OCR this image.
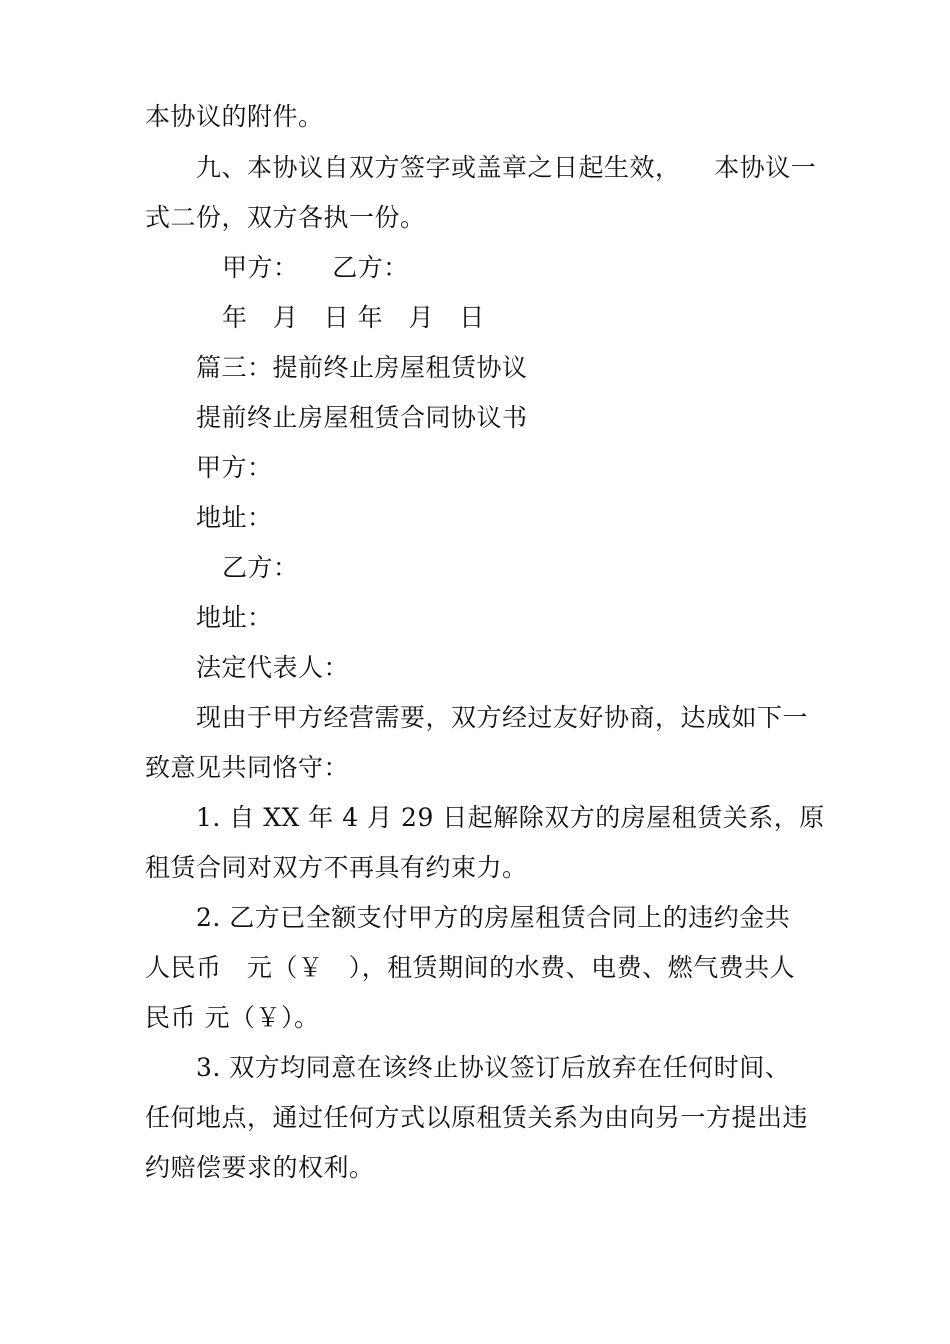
本协议的附件。
九、本协议自双方签字或盖章之日起生效，    本协议一
式二份，双方各执一份。
甲方：    乙方：
年   月   日 年   月   日
篇三：提前终止房屋租赁协议
提前终止房屋租赁合同协议书
甲方：
地址：
乙方：
地址：
法定代表人：
现由于甲方经营需要，双方经过友好协商，达成如下一
致意见共同恪守：
1. 自 XX 年 4 月 29 日起解除双方的房屋租赁关系，原
租赁合同对双方不再具有约束力。
2. 乙方已全额支付甲方的房屋租赁合同上的违约金共
人民币   元（￥   ），租赁期间的水费、电费、燃气费共人
民币 元（￥）。
3. 双方均同意在该终止协议签订后放弃在任何时间、
任何地点，通过任何方式以原租赁关系为由向另一方提出违
约赔偿要求的权利。
